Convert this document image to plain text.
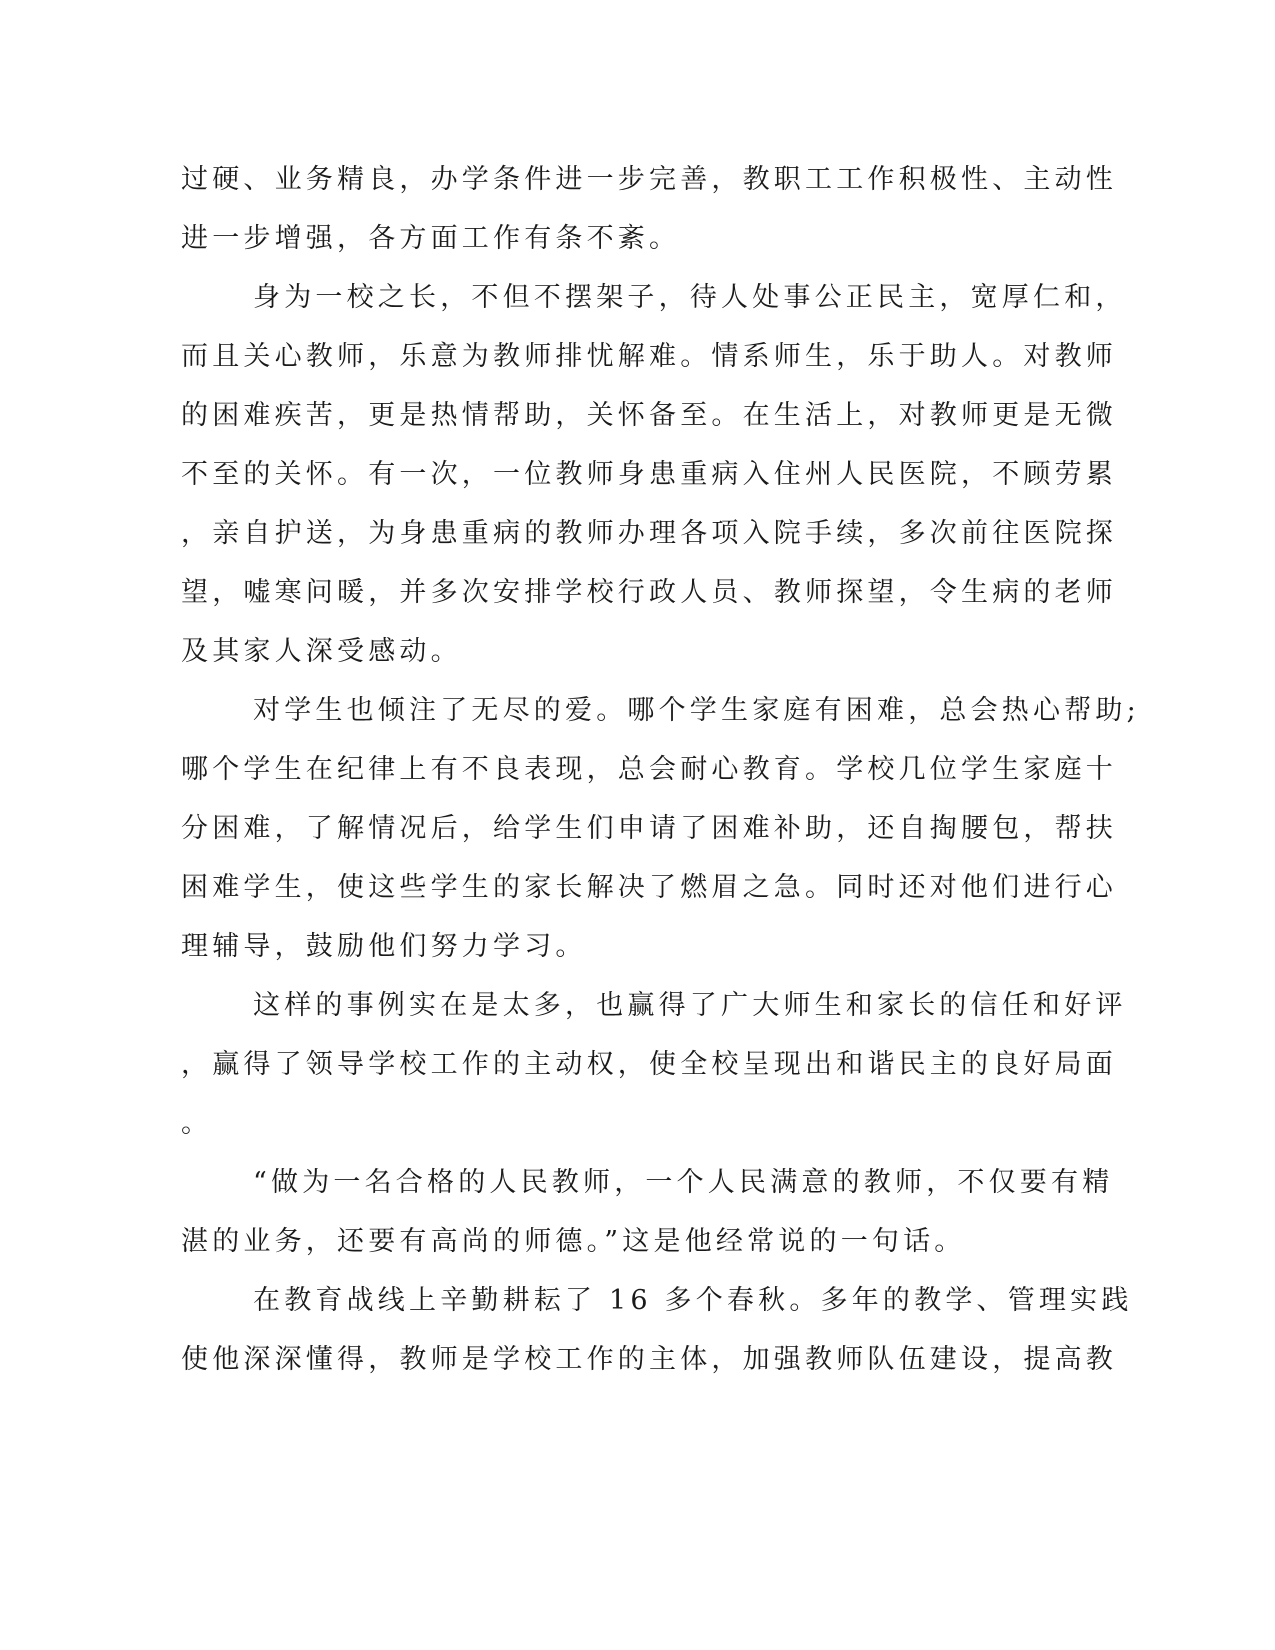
过硬、业务精良，办学条件进一步完善，教职工工作积极性、主动性
进一步增强，各方面工作有条不紊。
身为一校之长，不但不摆架子，待人处事公正民主，宽厚仁和，
而且关心教师，乐意为教师排忧解难。情系师生，乐于助人。对教师
的困难疾苦，更是热情帮助，关怀备至。在生活上，对教师更是无微
不至的关怀。有一次，一位教师身患重病入住州人民医院，不顾劳累
，亲自护送，为身患重病的教师办理各项入院手续，多次前往医院探
望，嘘寒问暖，并多次安排学校行政人员、教师探望，令生病的老师
及其家人深受感动。
对学生也倾注了无尽的爱。哪个学生家庭有困难，总会热心帮助;
哪个学生在纪律上有不良表现，总会耐心教育。学校几位学生家庭十
分困难，了解情况后，给学生们申请了困难补助，还自掏腰包，帮扶
困难学生，使这些学生的家长解决了燃眉之急。同时还对他们进行心
理辅导，鼓励他们努力学习。
这样的事例实在是太多，也赢得了广大师生和家长的信任和好评
，赢得了领导学校工作的主动权，使全校呈现出和谐民主的良好局面
。
“做为一名合格的人民教师，一个人民满意的教师，不仅要有精
湛的业务，还要有高尚的师德。”这是他经常说的一句话。
在教育战线上辛勤耕耘了 16 多个春秋。多年的教学、管理实践
使他深深懂得，教师是学校工作的主体，加强教师队伍建设，提高教
